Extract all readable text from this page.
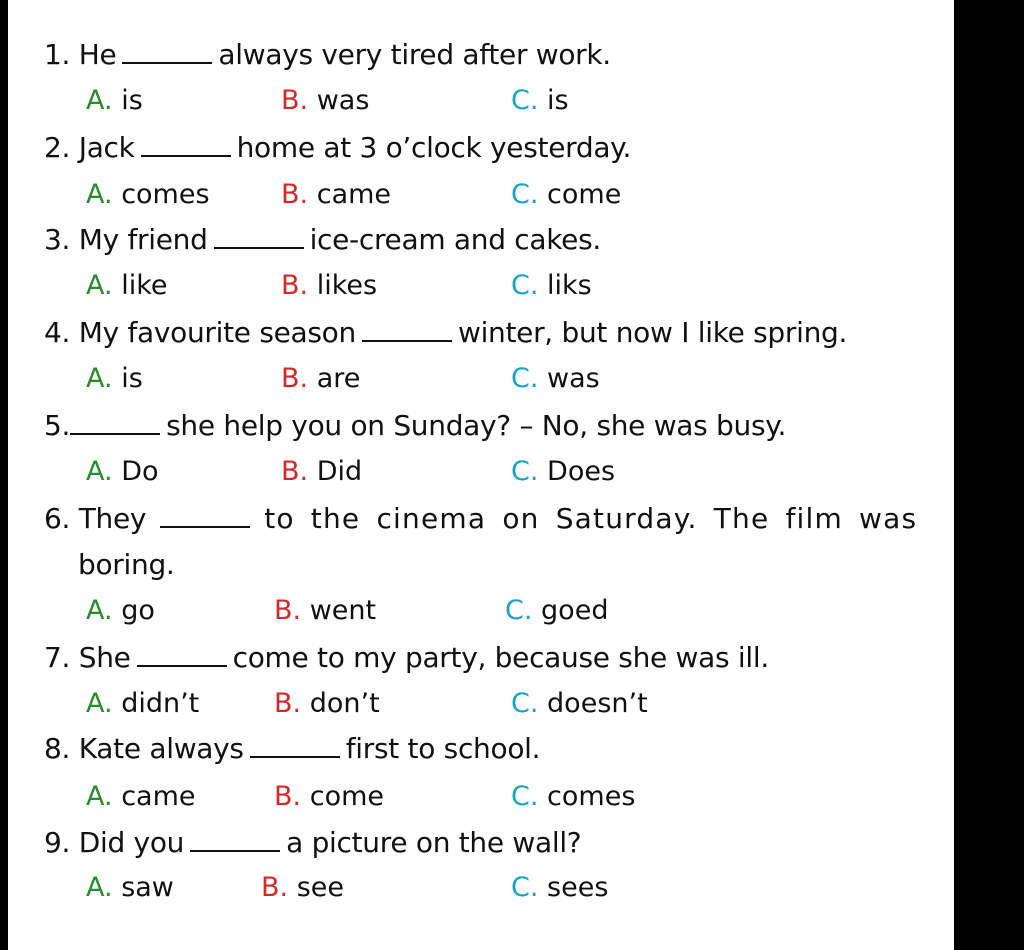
1. He	always very tired after work.
A. is	B. was	C. is
2. Jack	home at 3 o’clock yesterday.
A. comes	B. came	C. come
3. My friend	ice-cream and cakes.
A. like	B. likes	C. liks
4. My favourite season	winter, but now I like spring.
A. is	B. are	C. was
5.	she help you on Sunday? – No, she was busy.
A. Do	B. Did	C. Does
6. They	to the cinema on Saturday. The film was
boring.
A. go	B. went	C. goed
7. She	come to my party, because she was ill.
A. didn’t	B. don’t	C. doesn’t
8. Kate always	first to school.
A. came	B. come	C. comes
9. Did you	a picture on the wall?
A. saw	B. see	C. sees
